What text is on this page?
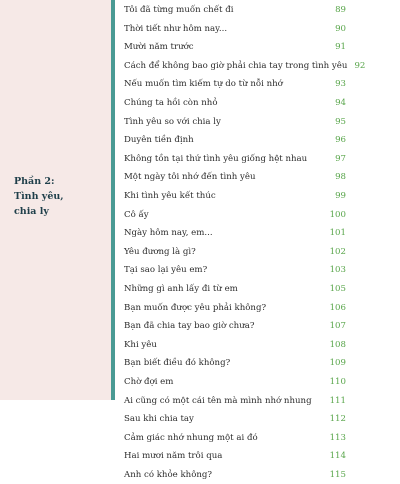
Phần 2:
Tình yêu,
chia ly
Tôi đã từng muốn chết đi	89
Thời tiết như hôm nay...	90
Mười năm trước	91
Cách để không bao giờ phải chia tay trong tình yêu 92
Nếu muốn tìm kiếm tự do từ nỗi nhớ	93
Chúng ta hồi còn nhỏ	94
Tình yêu so với chia ly	95
Duyên tiền định	96
Không tồn tại thứ tình yêu giống hệt nhau	97
Một ngày tôi nhớ đến tình yêu	98
Khi tình yêu kết thúc	99
Cô ấy	100
Ngày hôm nay, em...	101
Yêu đương là gì?	102
Tại sao lại yêu em?	103
Những gì anh lấy đi từ em	105
Bạn muốn được yêu phải không?	106
Bạn đã chia tay bao giờ chưa?	107
Khi yêu	108
Bạn biết điều đó không?	109
Chờ đợi em	110
Ai cũng có một cái tên mà mình nhớ nhung 111
Sau khi chia tay	112
Cảm giác nhớ nhung một ai đó	113
Hai mươi năm trôi qua	114
Anh có khỏe không?	115
